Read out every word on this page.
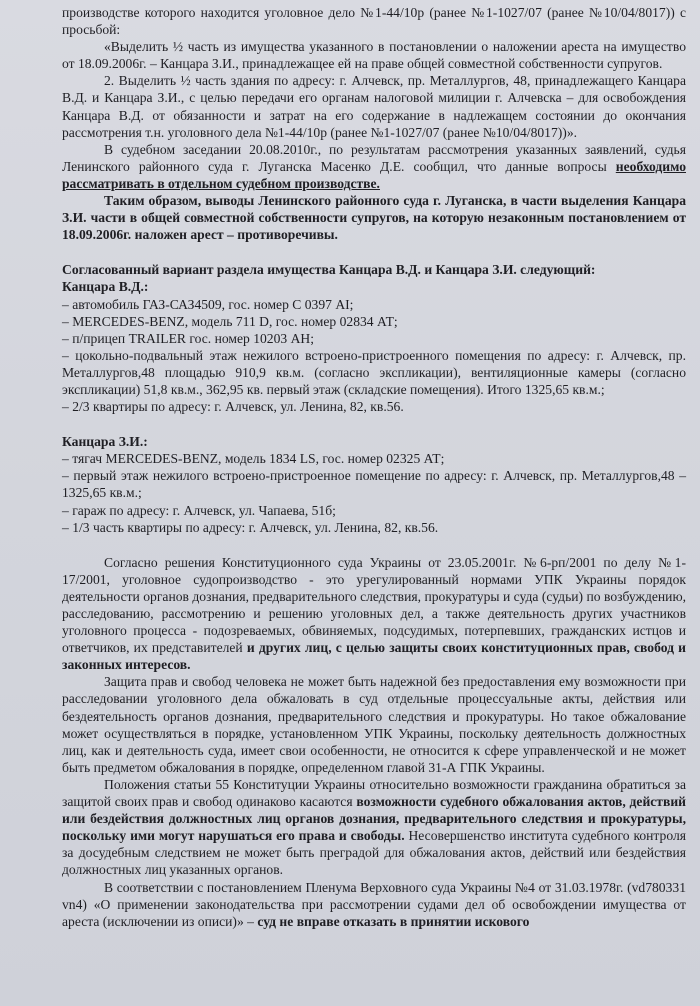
производстве которого находится уголовное дело №1-44/10р (ранее №1-1027/07 (ранее №10/04/8017)) с просьбой:

«Выделить ½ часть из имущества указанного в постановлении о наложении ареста на имущество от 18.09.2006г. – Канцара З.И., принадлежащее ей на праве общей совместной собственности супругов.

2. Выделить ½ часть здания по адресу: г. Алчевск, пр. Металлургов, 48, принадлежащего Канцара В.Д. и Канцара З.И., с целью передачи его органам налоговой милиции г. Алчевска – для освобождения Канцара В.Д. от обязанности и затрат на его содержание в надлежащем состоянии до окончания рассмотрения т.н. уголовного дела №1-44/10р (ранее №1-1027/07 (ранее №10/04/8017))».

В судебном заседании 20.08.2010г., по результатам рассмотрения указанных заявлений, судья Ленинского районного суда г. Луганска Масенко Д.Е. сообщил, что данные вопросы необходимо рассматривать в отдельном судебном производстве.

Таким образом, выводы Ленинского районного суда г. Луганска, в части выделения Канцара З.И. части в общей совместной собственности супругов, на которую незаконным постановлением от 18.09.2006г. наложен арест – противоречивы.

Согласованный вариант раздела имущества Канцара В.Д. и Канцара З.И. следующий:

Канцара В.Д.:

– автомобиль ГАЗ-САЗ4509, гос. номер С 0397 АІ;

– MERCEDES-BENZ, модель 711 D, гос. номер 02834 АТ;

– п/прицеп TRAILER гос. номер 10203 АН;

– цокольно-подвальный этаж нежилого встроено-пристроенного помещения по адресу: г. Алчевск, пр. Металлургов,48 площадью 910,9 кв.м. (согласно экспликации), вентиляционные камеры (согласно экспликации) 51,8 кв.м., 362,95 кв. первый этаж (складские помещения). Итого 1325,65 кв.м.;

– 2/3 квартиры по адресу: г. Алчевск, ул. Ленина, 82, кв.56.

Канцара З.И.:

– тягач MERCEDES-BENZ, модель 1834 LS, гос. номер 02325 АТ;

– первый этаж нежилого встроено-пристроенное помещение по адресу: г. Алчевск, пр. Металлургов,48 – 1325,65 кв.м.;

– гараж по адресу: г. Алчевск, ул. Чапаева, 51б;

– 1/3 часть квартиры по адресу: г. Алчевск, ул. Ленина, 82, кв.56.

Согласно решения Конституционного суда Украины от 23.05.2001г. №6-рп/2001 по делу №1-17/2001, уголовное судопроизводство - это урегулированный нормами УПК Украины порядок деятельности органов дознания, предварительного следствия, прокуратуры и суда (судьи) по возбуждению, расследованию, рассмотрению и решению уголовных дел, а также деятельность других участников уголовного процесса - подозреваемых, обвиняемых, подсудимых, потерпевших, гражданских истцов и ответчиков, их представителей и других лиц, с целью защиты своих конституционных прав, свобод и законных интересов.

Защита прав и свобод человека не может быть надежной без предоставления ему возможности при расследовании уголовного дела обжаловать в суд отдельные процессуальные акты, действия или бездеятельность органов дознания, предварительного следствия и прокуратуры. Но такое обжалование может осуществляться в порядке, установленном УПК Украины, поскольку деятельность должностных лиц, как и деятельность суда, имеет свои особенности, не относится к сфере управленческой и не может быть предметом обжалования в порядке, определенном главой 31-А ГПК Украины.

Положения статьи 55 Конституции Украины относительно возможности гражданина обратиться за защитой своих прав и свобод одинаково касаются возможности судебного обжалования актов, действий или бездействия должностных лиц органов дознания, предварительного следствия и прокуратуры, поскольку ими могут нарушаться его права и свободы. Несовершенство института судебного контроля за досудебным следствием не может быть преградой для обжалования актов, действий или бездействия должностных лиц указанных органов.

В соответствии с постановлением Пленума Верховного суда Украины №4 от 31.03.1978г. (vd780331 vn4) «О применении законодательства при рассмотрении судами дел об освобождении имущества от ареста (исключении из описи)» – суд не вправе отказать в принятии искового
